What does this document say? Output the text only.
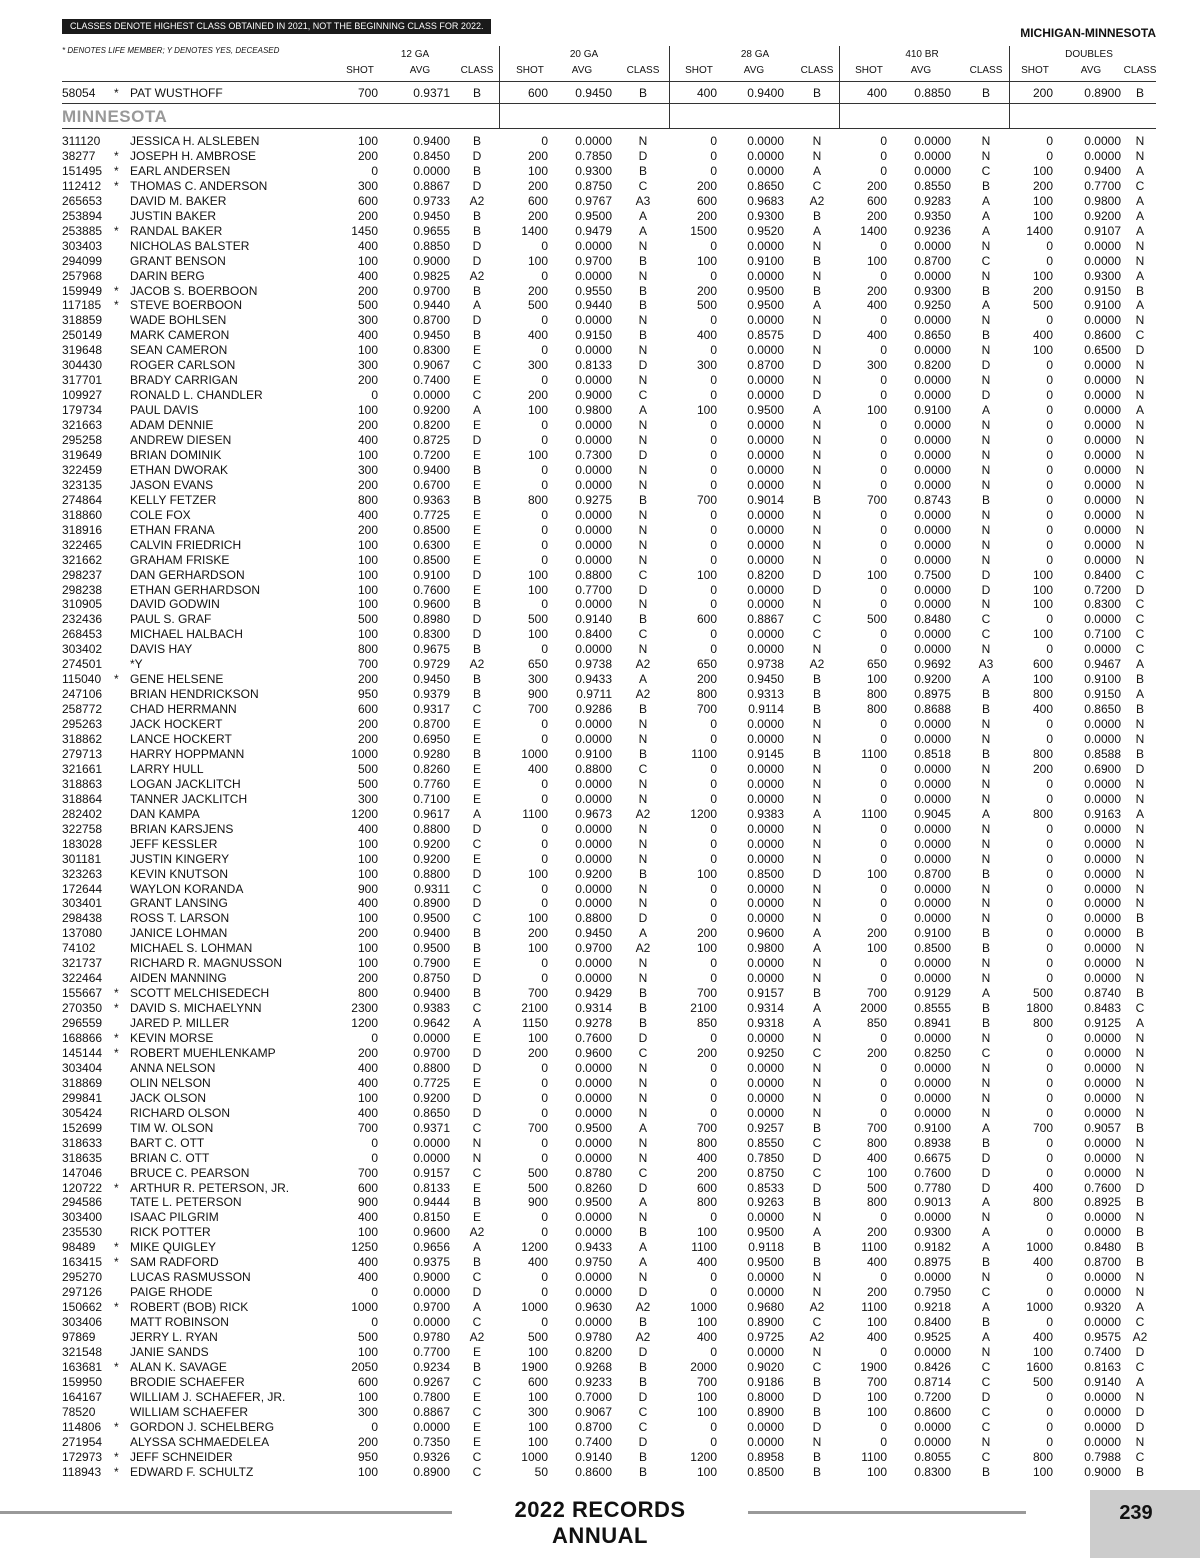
CLASSES DENOTE HIGHEST CLASS OBTAINED IN 2021, NOT THE BEGINNING CLASS FOR 2022.	MICHIGAN-MINNESOTA
* DENOTES LIFE MEMBER; Y DENOTES YES, DECEASED	12 GA
SHOT	AVG	CLASS
20 GA
SHOT	AVG	CLASS
28 GA
SHOT	AVG	CLASS
410 BR
SHOT	AVG	CLASS
DOUBLES
SHOT	AVG	CLASS
58054 * PAT WUSTHOFF	700	0.9371	B	600 0.9450	B	400	0.9400	B	400 0.8850	B	200	0.8900	B
MINNESOTA
311120 JESSICA H. ALSLEBEN	100	0.9400	B	0 0.0000	N	0	0.0000	N	0 0.0000	N	0	0.0000	N
38277 * JOSEPH H. AMBROSE	200	0.8450	D	200 0.7850	D	0	0.0000	N	0 0.0000	N	0	0.0000	N
151495 * EARL ANDERSEN	0	0.0000	B	100 0.9300	B	0	0.0000	A	0 0.0000	C	100	0.9400	A
112412 * THOMAS C. ANDERSON	300	0.8867	D	200 0.8750	C	200	0.8650	C	200 0.8550	B	200	0.7700	C
265653 DAVID M. BAKER	600	0.9733	A2	600 0.9767	A3	600	0.9683	A2	600 0.9283	A	100	0.9800	A
253894 JUSTIN BAKER	200	0.9450	B	200 0.9500	A	200	0.9300	B	200 0.9350	A	100	0.9200	A
253885 * RANDAL BAKER	1450	0.9655	B	1400 0.9479	A	1500	0.9520	A	1400 0.9236	A	1400	0.9107	A
303403 NICHOLAS BALSTER	400	0.8850	D	0 0.0000	N	0	0.0000	N	0 0.0000	N	0	0.0000	N
294099 GRANT BENSON	100	0.9000	D	100 0.9700	B	100	0.9100	B	100 0.8700	C	0	0.0000	N
257968 DARIN BERG	400	0.9825	A2	0 0.0000	N	0	0.0000	N	0 0.0000	N	100	0.9300	A
159949 * JACOB S. BOERBOON	200	0.9700	B	200 0.9550	B	200	0.9500	B	200 0.9300	B	200	0.9150	B
117185 * STEVE BOERBOON	500	0.9440	A	500 0.9440	B	500	0.9500	A	400 0.9250	A	500	0.9100	A
318859 WADE BOHLSEN	300	0.8700	D	0 0.0000	N	0	0.0000	N	0 0.0000	N	0	0.0000	N
250149 MARK CAMERON	400	0.9450	B	400 0.9150	B	400	0.8575	D	400 0.8650	B	400	0.8600	C
319648 SEAN CAMERON	100	0.8300	E	0 0.0000	N	0	0.0000	N	0 0.0000	N	100	0.6500	D
304430 ROGER CARLSON	300	0.9067	C	300 0.8133	D	300	0.8700	D	300 0.8200	D	0	0.0000	N
317701 BRADY CARRIGAN	200	0.7400	E	0 0.0000	N	0	0.0000	N	0 0.0000	N	0	0.0000	N
109927 RONALD L. CHANDLER	0	0.0000	C	200 0.9000	C	0	0.0000	D	0 0.0000	D	0	0.0000	N
179734 PAUL DAVIS	100	0.9200	A	100 0.9800	A	100	0.9500	A	100 0.9100	A	0	0.0000	A
321663 ADAM DENNIE	200	0.8200	E	0 0.0000	N	0	0.0000	N	0 0.0000	N	0	0.0000	N
295258 ANDREW DIESEN	400	0.8725	D	0 0.0000	N	0	0.0000	N	0 0.0000	N	0	0.0000	N
319649 BRIAN DOMINIK	100	0.7200	E	100 0.7300	D	0	0.0000	N	0 0.0000	N	0	0.0000	N
322459 ETHAN DWORAK	300	0.9400	B	0 0.0000	N	0	0.0000	N	0 0.0000	N	0	0.0000	N
323135 JASON EVANS	200	0.6700	E	0 0.0000	N	0	0.0000	N	0 0.0000	N	0	0.0000	N
274864 KELLY FETZER	800	0.9363	B	800 0.9275	B	700	0.9014	B	700 0.8743	B	0	0.0000	N
318860 COLE FOX	400	0.7725	E	0 0.0000	N	0	0.0000	N	0 0.0000	N	0	0.0000	N
318916 ETHAN FRANA	200	0.8500	E	0 0.0000	N	0	0.0000	N	0 0.0000	N	0	0.0000	N
322465 CALVIN FRIEDRICH	100	0.6300	E	0 0.0000	N	0	0.0000	N	0 0.0000	N	0	0.0000	N
321662 GRAHAM FRISKE	100	0.8500	E	0 0.0000	N	0	0.0000	N	0 0.0000	N	0	0.0000	N
298237 DAN GERHARDSON	100	0.9100	D	100 0.8800	C	100	0.8200	D	100 0.7500	D	100	0.8400	C
298238 ETHAN GERHARDSON	100	0.7600	E	100 0.7700	D	0	0.0000	D	0 0.0000	D	100	0.7200	D
310905 DAVID GODWIN	100	0.9600	B	0 0.0000	N	0	0.0000	N	0 0.0000	N	100	0.8300	C
232436 PAUL S. GRAF	500	0.8980	D	500 0.9140	B	600	0.8867	C	500 0.8480	C	0	0.0000	C
268453 MICHAEL HALBACH	100	0.8300	D	100 0.8400	C	0	0.0000	C	0 0.0000	C	100	0.7100	C
303402 DAVIS HAY	800	0.9675	B	0 0.0000	N	0	0.0000	N	0 0.0000	N	0	0.0000	C
274501 *Y	700	0.9729	A2	650 0.9738	A2	650	0.9738	A2	650 0.9692	A3	600	0.9467	A
115040 * GENE HELSENE	200	0.9450	B	300 0.9433	A	200	0.9450	B	100 0.9200	A	100	0.9100	B
247106 BRIAN HENDRICKSON	950	0.9379	B	900 0.9711	A2	800	0.9313	B	800 0.8975	B	800	0.9150	A
258772 CHAD HERRMANN	600	0.9317	C	700 0.9286	B	700	0.9114	B	800 0.8688	B	400	0.8650	B
295263 JACK HOCKERT	200	0.8700	E	0 0.0000	N	0	0.0000	N	0 0.0000	N	0	0.0000	N
318862 LANCE HOCKERT	200	0.6950	E	0 0.0000	N	0	0.0000	N	0 0.0000	N	0	0.0000	N
279713 HARRY HOPPMANN	1000	0.9280	B	1000 0.9100	B	1100	0.9145	B	1100 0.8518	B	800	0.8588	B
321661 LARRY HULL	500	0.8260	E	400 0.8800	C	0	0.0000	N	0 0.0000	N	200	0.6900	D
318863 LOGAN JACKLITCH	500	0.7760	E	0 0.0000	N	0	0.0000	N	0 0.0000	N	0	0.0000	N
318864 TANNER JACKLITCH	300	0.7100	E	0 0.0000	N	0	0.0000	N	0 0.0000	N	0	0.0000	N
282402 DAN KAMPA	1200	0.9617	A	1100 0.9673	A2	1200	0.9383	A	1100 0.9045	A	800	0.9163	A
322758 BRIAN KARSJENS	400	0.8800	D	0 0.0000	N	0	0.0000	N	0 0.0000	N	0	0.0000	N
183028 JEFF KESSLER	100	0.9200	C	0 0.0000	N	0	0.0000	N	0 0.0000	N	0	0.0000	N
301181 JUSTIN KINGERY	100	0.9200	E	0 0.0000	N	0	0.0000	N	0 0.0000	N	0	0.0000	N
323263 KEVIN KNUTSON	100	0.8800	D	100 0.9200	B	100	0.8500	D	100 0.8700	B	0	0.0000	N
172644 WAYLON KORANDA	900	0.9311	C	0 0.0000	N	0	0.0000	N	0 0.0000	N	0	0.0000	N
303401 GRANT LANSING	400	0.8900	D	0 0.0000	N	0	0.0000	N	0 0.0000	N	0	0.0000	N
298438 ROSS T. LARSON	100	0.9500	C	100 0.8800	D	0	0.0000	N	0 0.0000	N	0	0.0000	B
137080 JANICE LOHMAN	200	0.9400	B	200 0.9450	A	200	0.9600	A	200 0.9100	B	0	0.0000	B
74102	MICHAEL S. LOHMAN	100	0.9500	B	100 0.9700	A2	100	0.9800	A	100 0.8500	B	0	0.0000	N
321737 RICHARD R. MAGNUSSON	100	0.7900	E	0 0.0000	N	0	0.0000	N	0 0.0000	N	0	0.0000	N
322464 AIDEN MANNING	200	0.8750	D	0 0.0000	N	0	0.0000	N	0 0.0000	N	0	0.0000	N
155667 * SCOTT MELCHISEDECH	800	0.9400	B	700 0.9429	B	700	0.9157	B	700 0.9129	A	500	0.8740	B
270350 * DAVID S. MICHAELYNN	2300	0.9383	C	2100 0.9314	B	2100	0.9314	A	2000 0.8555	B	1800	0.8483	C
296559 JARED P. MILLER	1200	0.9642	A	1150 0.9278	B	850	0.9318	A	850 0.8941	B	800	0.9125	A
168866 * KEVIN MORSE	0	0.0000	E	100 0.7600	D	0	0.0000	N	0 0.0000	N	0	0.0000	N
145144 * ROBERT MUEHLENKAMP	200	0.9700	D	200 0.9600	C	200	0.9250	C	200 0.8250	C	0	0.0000	N
303404 ANNA NELSON	400	0.8800	D	0 0.0000	N	0	0.0000	N	0 0.0000	N	0	0.0000	N
318869 OLIN NELSON	400	0.7725	E	0 0.0000	N	0	0.0000	N	0 0.0000	N	0	0.0000	N
299841 JACK OLSON	100	0.9200	D	0 0.0000	N	0	0.0000	N	0 0.0000	N	0	0.0000	N
305424 RICHARD OLSON	400	0.8650	D	0 0.0000	N	0	0.0000	N	0 0.0000	N	0	0.0000	N
152699 TIM W. OLSON	700	0.9371	C	700 0.9500	A	700	0.9257	B	700 0.9100	A	700	0.9057	B
318633 BART C. OTT	0	0.0000	N	0 0.0000	N	800	0.8550	C	800 0.8938	B	0	0.0000	N
318635 BRIAN C. OTT	0	0.0000	N	0 0.0000	N	400	0.7850	D	400 0.6675	D	0	0.0000	N
147046 BRUCE C. PEARSON	700	0.9157	C	500 0.8780	C	200	0.8750	C	100 0.7600	D	0	0.0000	N
120722 * ARTHUR R. PETERSON, JR.	600	0.8133	E	500 0.8260	D	600	0.8533	D	500 0.7780	D	400	0.7600	D
294586 TATE L. PETERSON	900	0.9444	B	900 0.9500	A	800	0.9263	B	800 0.9013	A	800	0.8925	B
303400 ISAAC PILGRIM	400	0.8150	E	0 0.0000	N	0	0.0000	N	0 0.0000	N	0	0.0000	N
235530 RICK POTTER	100	0.9600	A2	0 0.0000	B	100	0.9500	A	200 0.9300	A	0	0.0000	B
98489 * MIKE QUIGLEY	1250	0.9656	A	1200 0.9433	A	1100	0.9118	B	1100 0.9182	A	1000	0.8480	B
163415 * SAM RADFORD	400	0.9375	B	400 0.9750	A	400	0.9500	B	400 0.8975	B	400	0.8700	B
295270 LUCAS RASMUSSON	400	0.9000	C	0 0.0000	N	0	0.0000	N	0 0.0000	N	0	0.0000	N
297126 PAIGE RHODE	0	0.0000	D	0 0.0000	D	0	0.0000	N	200 0.7950	C	0	0.0000	N
150662 * ROBERT (BOB) RICK	1000	0.9700	A	1000 0.9630	A2	1000	0.9680	A2	1100 0.9218	A	1000	0.9320	A
303406 MATT ROBINSON	0	0.0000	C	0 0.0000	B	100	0.8900	C	100 0.8400	B	0	0.0000	C
97869	JERRY L. RYAN	500	0.9780	A2	500 0.9780	A2	400	0.9725	A2	400 0.9525	A	400	0.9575 A2
321548 JANIE SANDS	100	0.7700	E	100 0.8200	D	0	0.0000	N	0 0.0000	N	100	0.7400	D
163681 * ALAN K. SAVAGE	2050	0.9234	B	1900 0.9268	B	2000	0.9020	C	1900 0.8426	C	1600	0.8163	C
159950 BRODIE SCHAEFER	600	0.9267	C	600 0.9233	B	700	0.9186	B	700 0.8714	C	500	0.9140	A
164167 WILLIAM J. SCHAEFER, JR.	100	0.7800	E	100 0.7000	D	100	0.8000	D	100 0.7200	D	0	0.0000	N
78520	WILLIAM SCHAEFER	300	0.8867	C	300 0.9067	C	100	0.8900	B	100 0.8600	C	0	0.0000	D
114806 * GORDON J. SCHELBERG	0	0.0000	E	100 0.8700	C	0	0.0000	D	0 0.0000	C	0	0.0000	D
271954 ALYSSA SCHMAEDELEA	200	0.7350	E	100 0.7400	D	0	0.0000	N	0 0.0000	N	0	0.0000	N
172973 * JEFF SCHNEIDER	950	0.9326	C	1000 0.9140	B	1200	0.8958	B	1100 0.8055	C	800	0.7988	C
118943 * EDWARD F. SCHULTZ	100	0.8900	C	50 0.8600	B	100	0.8500	B	100 0.8300	B	100	0.9000	B
2022 RECORDS ANNUAL
239
